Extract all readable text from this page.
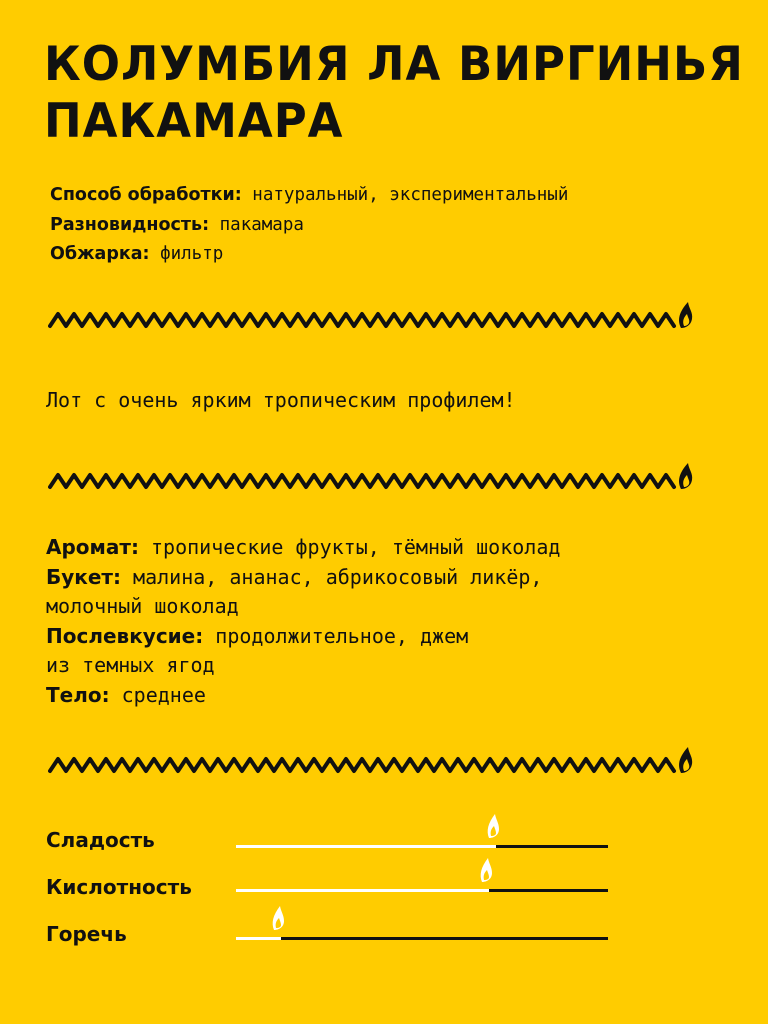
КОЛУМБИЯ ЛА ВИРГИНЬЯ
ПАКАМАРА
Способ обработки: натуральный, экспериментальный
Разновидность: пакамара
Обжарка: фильтр
Лот с очень ярким тропическим профилем!
Аромат: тропические фрукты, тёмный шоколад
Букет: малина, ананас, абрикосовый ликёр,
молочный шоколад
Послевкусие: продолжительное, джем
из темных ягод
Тело: среднее
Сладость
Кислотность
Горечь
